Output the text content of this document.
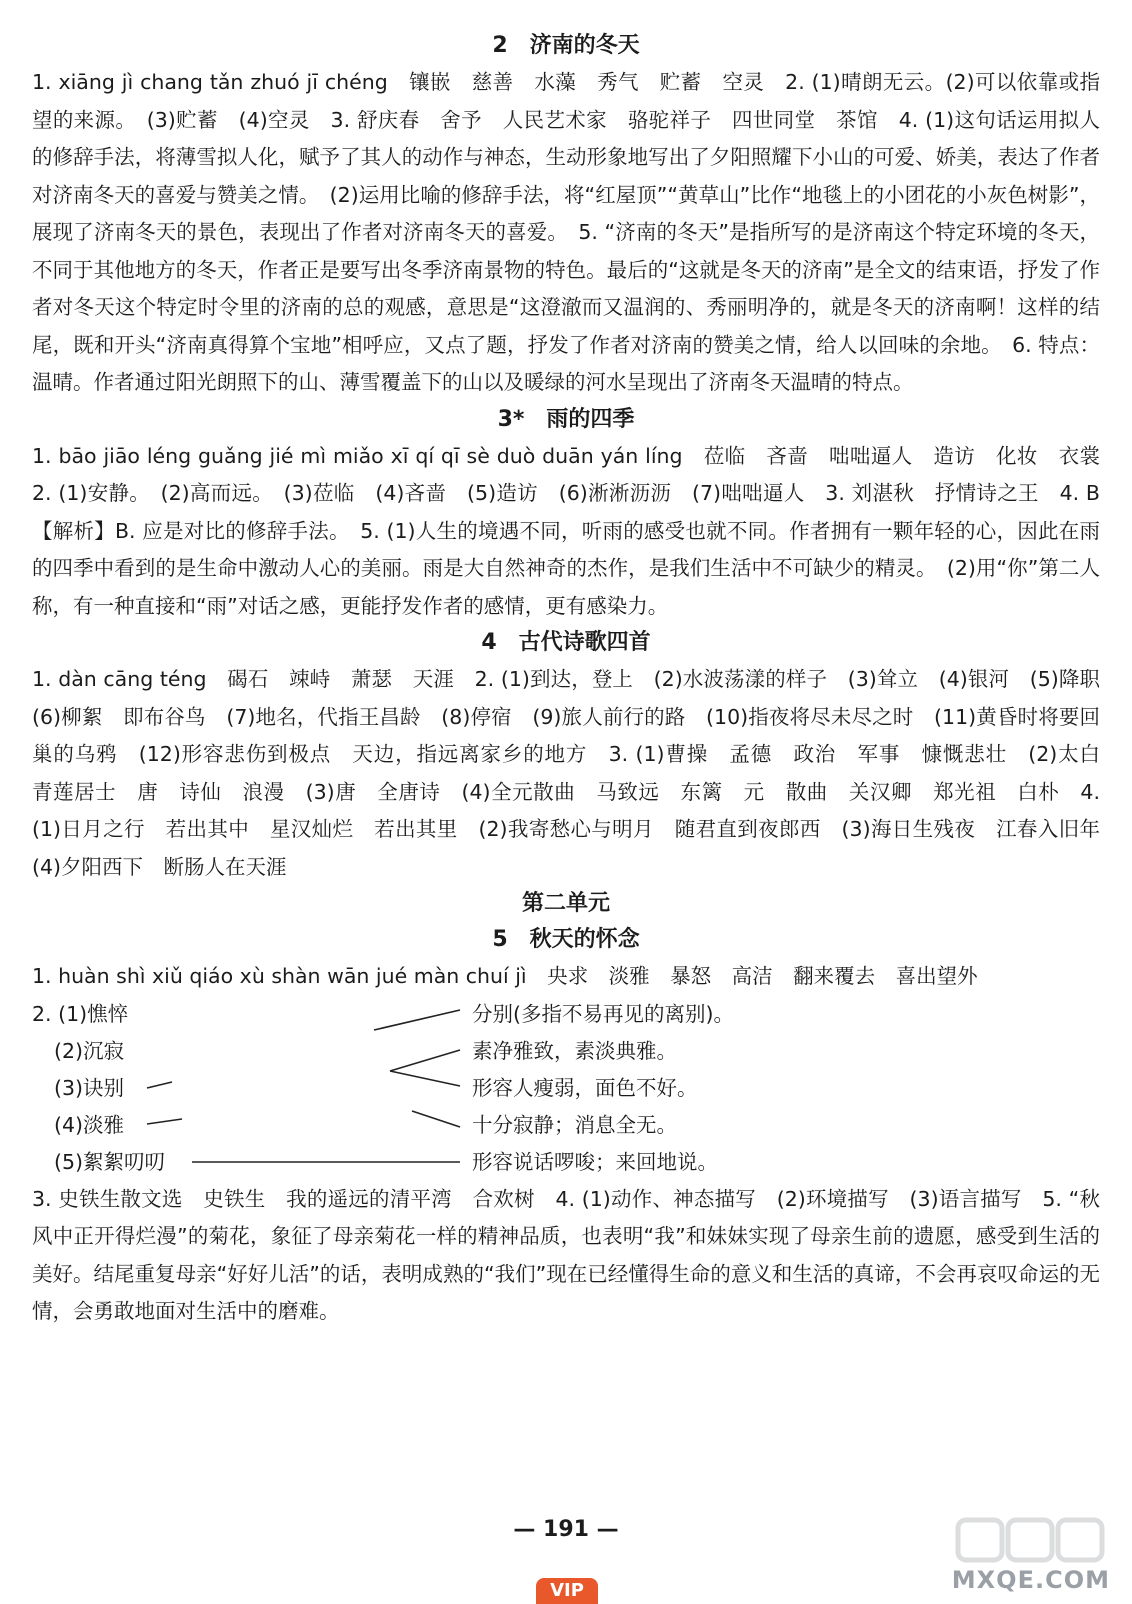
2　济南的冬天

1. xiāng jì chang tǎn zhuó jī chéng　镶嵌　慈善　水藻　秀气　贮蓄　空灵　2. (1)晴朗无云。(2)可以依靠或指望的来源。　(3)贮蓄　(4)空灵　3. 舒庆春　舍予　人民艺术家　骆驼祥子　四世同堂　茶馆　4. (1)这句话运用拟人的修辞手法，将薄雪拟人化，赋予了其人的动作与神态，生动形象地写出了夕阳照耀下小山的可爱、娇美，表达了作者对济南冬天的喜爱与赞美之情。　(2)运用比喻的修辞手法，将“红屋顶”“黄草山”比作“地毯上的小团花的小灰色树影”，展现了济南冬天的景色，表现出了作者对济南冬天的喜爱。　5. “济南的冬天”是指所写的是济南这个特定环境的冬天，不同于其他地方的冬天，作者正是要写出冬季济南景物的特色。最后的“这就是冬天的济南”是全文的结束语，抒发了作者对冬天这个特定时令里的济南的总的观感，意思是“这澄澈而又温润的、秀丽明净的，就是冬天的济南啊！这样的结尾，既和开头“济南真得算个宝地”相呼应，又点了题，抒发了作者对济南的赞美之情，给人以回味的余地。　6. 特点：温晴。作者通过阳光朗照下的山、薄雪覆盖下的山以及暖绿的河水呈现出了济南冬天温晴的特点。

3*　雨的四季

1. bāo jiāo léng guǎng jié mì miǎo xī qí qī sè duò duān yán líng　莅临　吝啬　咄咄逼人　造访　化妆　衣裳　2. (1)安静。　(2)高而远。　(3)莅临　(4)吝啬　(5)造访　(6)淅淅沥沥　(7)咄咄逼人　3. 刘湛秋　抒情诗之王　4. B 【解析】B. 应是对比的修辞手法。　5. (1)人生的境遇不同，听雨的感受也就不同。作者拥有一颗年轻的心，因此在雨的四季中看到的是生命中激动人心的美丽。雨是大自然神奇的杰作，是我们生活中不可缺少的精灵。　(2)用“你”第二人称，有一种直接和“雨”对话之感，更能抒发作者的感情，更有感染力。

4　古代诗歌四首

1. dàn cāng téng　碣石　竦峙　萧瑟　天涯　2. (1)到达，登上　(2)水波荡漾的样子　(3)耸立　(4)银河　(5)降职　(6)柳絮　即布谷鸟　(7)地名，代指王昌龄　(8)停宿　(9)旅人前行的路　(10)指夜将尽未尽之时　(11)黄昏时将要回巢的乌鸦　(12)形容悲伤到极点　天边，指远离家乡的地方　3. (1)曹操　孟德　政治　军事　慷慨悲壮　(2)太白　青莲居士　唐　诗仙　浪漫　(3)唐　全唐诗　(4)全元散曲　马致远　东篱　元　散曲　关汉卿　郑光祖　白朴　4. (1)日月之行　若出其中　星汉灿烂　若出其里　(2)我寄愁心与明月　随君直到夜郎西　(3)海日生残夜　江春入旧年　(4)夕阳西下　断肠人在天涯

第二单元
5　秋天的怀念

1. huàn shì xiǔ qiáo xù shàn wān jué màn chuí jì　央求　淡雅　暴怒　高洁　翻来覆去　喜出望外

2. (1)憔悴
(2)沉寂
(3)诀别
(4)淡雅
(5)絮絮叨叨
分别(多指不易再见的离别)。
素净雅致，素淡典雅。
形容人瘦弱，面色不好。
十分寂静；消息全无。
形容说话啰唆；来回地说。

3. 史铁生散文选　史铁生　我的遥远的清平湾　合欢树　4. (1)动作、神态描写　(2)环境描写　(3)语言描写　5. “秋风中正开得烂漫”的菊花，象征了母亲菊花一样的精神品质，也表明“我”和妹妹实现了母亲生前的遗愿，感受到生活的美好。结尾重复母亲“好好儿活”的话，表明成熟的“我们”现在已经懂得生命的意义和生活的真谛，不会再哀叹命运的无情，会勇敢地面对生活中的磨难。

— 191 —
MXQE.COM
VIP
